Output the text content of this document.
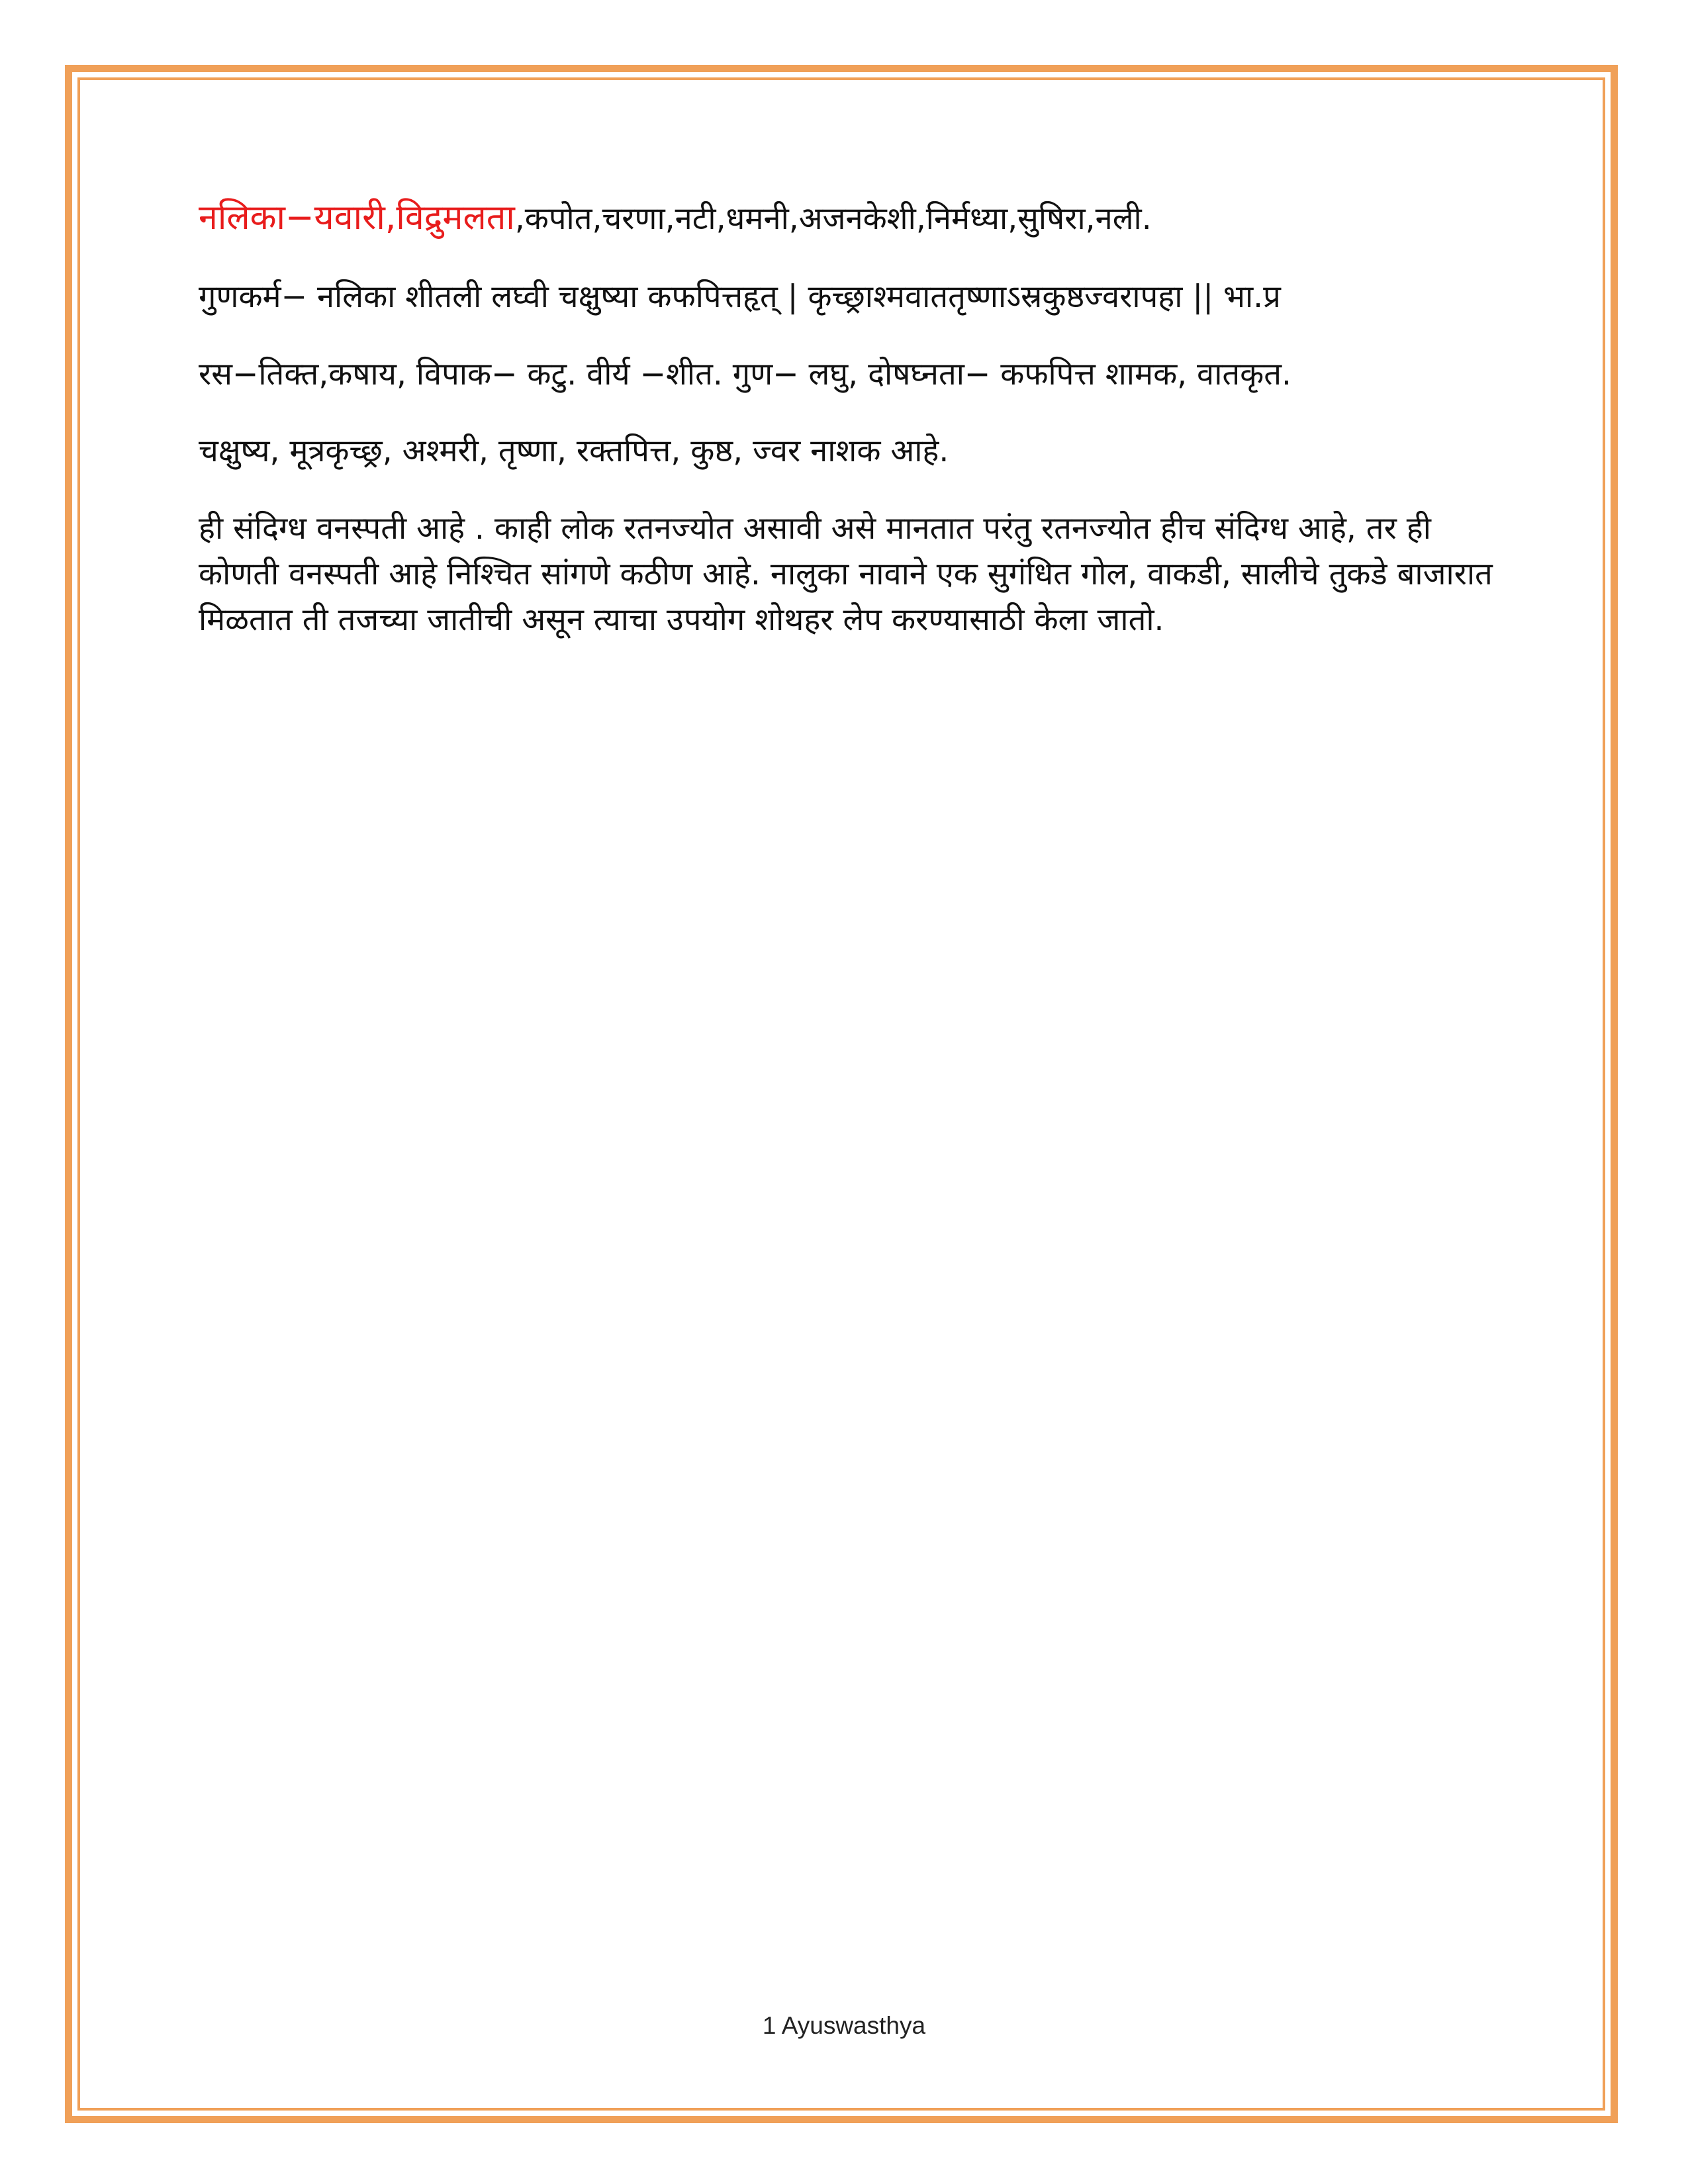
नलिका−यवारी,विद्रुमलता,कपोत,चरणा,नटी,धमनी,अजनकेशी,निर्मध्या,सुषिरा,नली.

गुणकर्म− नलिका शीतली लघ्वी चक्षुष्या कफपित्तहृत् | कृच्छ्राश्मवाततृष्णाऽस्रकुष्ठज्वरापहा || भा.प्र

रस−तिक्त,कषाय, विपाक− कटु. वीर्य −शीत. गुण− लघु, दोषघ्नता− कफपित्त शामक, वातकृत.

चक्षुष्य, मूत्रकृच्छ्र, अश्मरी, तृष्णा, रक्तपित्त, कुष्ठ, ज्वर नाशक आहे.

ही संदिग्ध वनस्पती आहे . काही लोक रतनज्योत असावी असे मानतात परंतु रतनज्योत हीच संदिग्ध आहे, तर ही कोणती वनस्पती आहे निश्चित सांगणे कठीण आहे. नालुका नावाने एक सुगंधित गोल, वाकडी, सालीचे तुकडे बाजारात मिळतात ती तजच्या जातीची असून त्याचा उपयोग शोथहर लेप करण्यासाठी केला जातो.

1 Ayuswasthya
